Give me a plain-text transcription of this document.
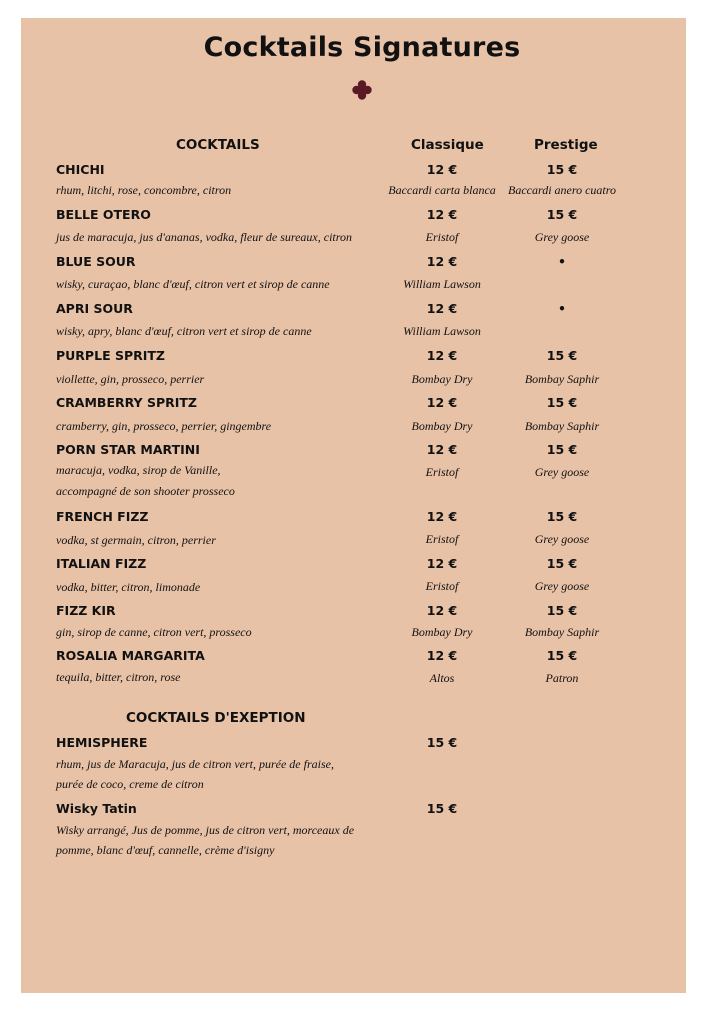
Cocktails Signatures
COCKTAILS	Classique	Prestige
CHICHI	12 €	15 €
rhum, litchi, rose, concombre, citron	Baccardi carta blanca	Baccardi anero cuatro
BELLE OTERO	12 €	15 €
jus de maracuja, jus d'ananas, vodka, fleur de sureaux, citron	Eristof	Grey goose
BLUE SOUR	12 €	•
wisky, curaçao, blanc d'œuf, citron vert et sirop de canne	William Lawson
APRI SOUR	12 €	•
wisky, apry, blanc d'œuf, citron vert et sirop de canne	William Lawson
PURPLE SPRITZ	12 €	15 €
viollette, gin, prosseco, perrier	Bombay Dry	Bombay Saphir
CRAMBERRY SPRITZ	12 €	15 €
cramberry, gin, prosseco, perrier, gingembre	Bombay Dry	Bombay Saphir
PORN STAR MARTINI	12 €	15 €
maracuja, vodka, sirop de Vanille,	Eristof	Grey goose
accompagné de son shooter prosseco
FRENCH FIZZ	12 €	15 €
vodka, st germain, citron, perrier	Eristof	Grey goose
ITALIAN FIZZ	12 €	15 €
vodka, bitter, citron, limonade	Eristof	Grey goose
FIZZ KIR	12 €	15 €
gin, sirop de canne, citron vert, prosseco	Bombay Dry	Bombay Saphir
ROSALIA MARGARITA	12 €	15 €
tequila, bitter, citron, rose	Altos	Patron
COCKTAILS D'EXEPTION
HEMISPHERE	15 €
rhum, jus de Maracuja, jus de citron vert, purée de fraise,
purée de coco, creme de citron
Wisky Tatin	15 €
Wisky arrangé, Jus de pomme, jus de citron vert, morceaux de
pomme, blanc d'œuf, cannelle, crème d'isigny
